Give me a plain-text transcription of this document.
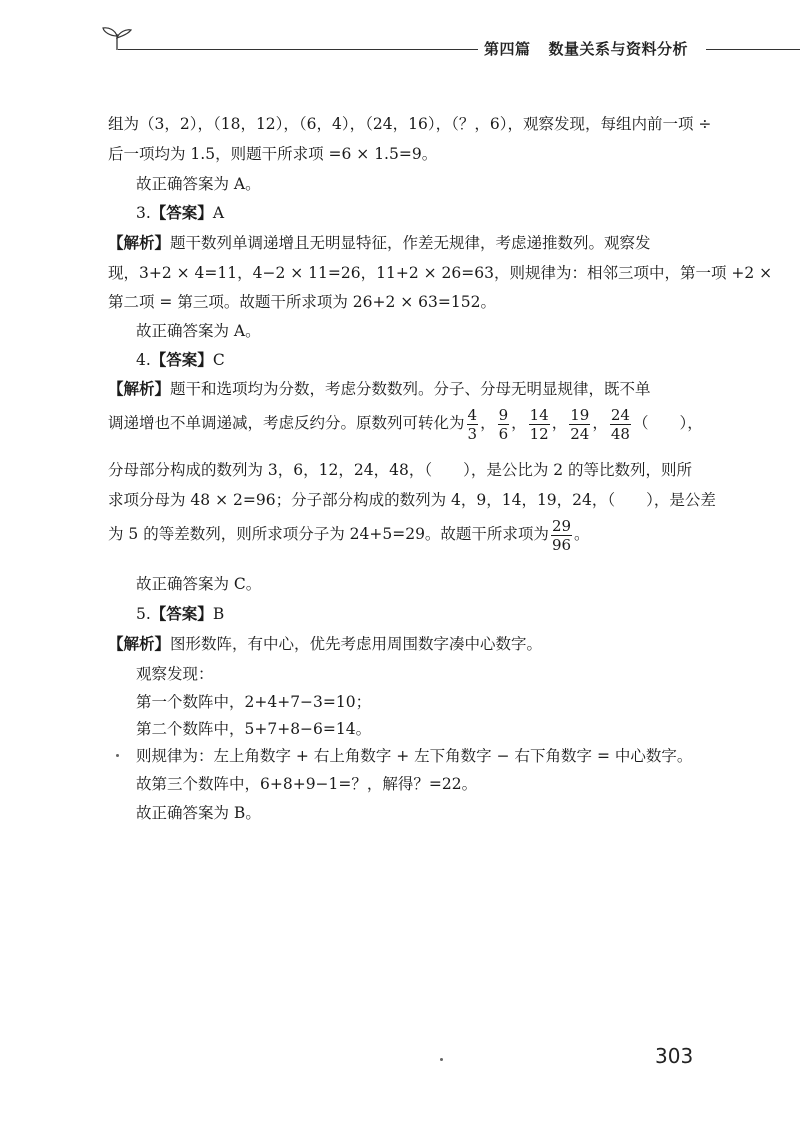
第四篇 数量关系与资料分析
组为（3，2），（18，12），（6，4），（24，16），（？，6），观察发现，每组内前一项 ÷
后一项均为 1.5，则题干所求项 =6 × 1.5=9。
故正确答案为 A。
3.【答案】A
【解析】题干数列单调递增且无明显特征，作差无规律，考虑递推数列。观察发
现，3+2 × 4=11，4−2 × 11=26，11+2 × 26=63，则规律为：相邻三项中，第一项 +2 ×
第二项 = 第三项。故题干所求项为 26+2 × 63=152。
故正确答案为 A。
4.【答案】C
【解析】题干和选项均为分数，考虑分数数列。分子、分母无明显规律，既不单
调递增也不单调递减，考虑反约分。原数列可转化为 $\frac{4}{3}$ ， $\frac{9}{6}$ ， $\frac{14}{12}$ ， $\frac{19}{24}$ ， $\frac{24}{48}$ （　　），
分母部分构成的数列为 3，6，12，24，48，（　　），是公比为 2 的等比数列，则所
求项分母为 48 × 2=96；分子部分构成的数列为 4，9，14，19，24，（　　），是公差
为 5 的等差数列，则所求项分子为 24+5=29。故题干所求项为 $\frac{29}{96}$ 。
故正确答案为 C。
5.【答案】B
【解析】图形数阵，有中心，优先考虑用周围数字凑中心数字。
观察发现：
第一个数阵中，2+4+7−3=10；
第二个数阵中，5+7+8−6=14。
则规律为：左上角数字 + 右上角数字 + 左下角数字 − 右下角数字 = 中心数字。
故第三个数阵中，6+8+9−1=？，解得？=22。
故正确答案为 B。
303
